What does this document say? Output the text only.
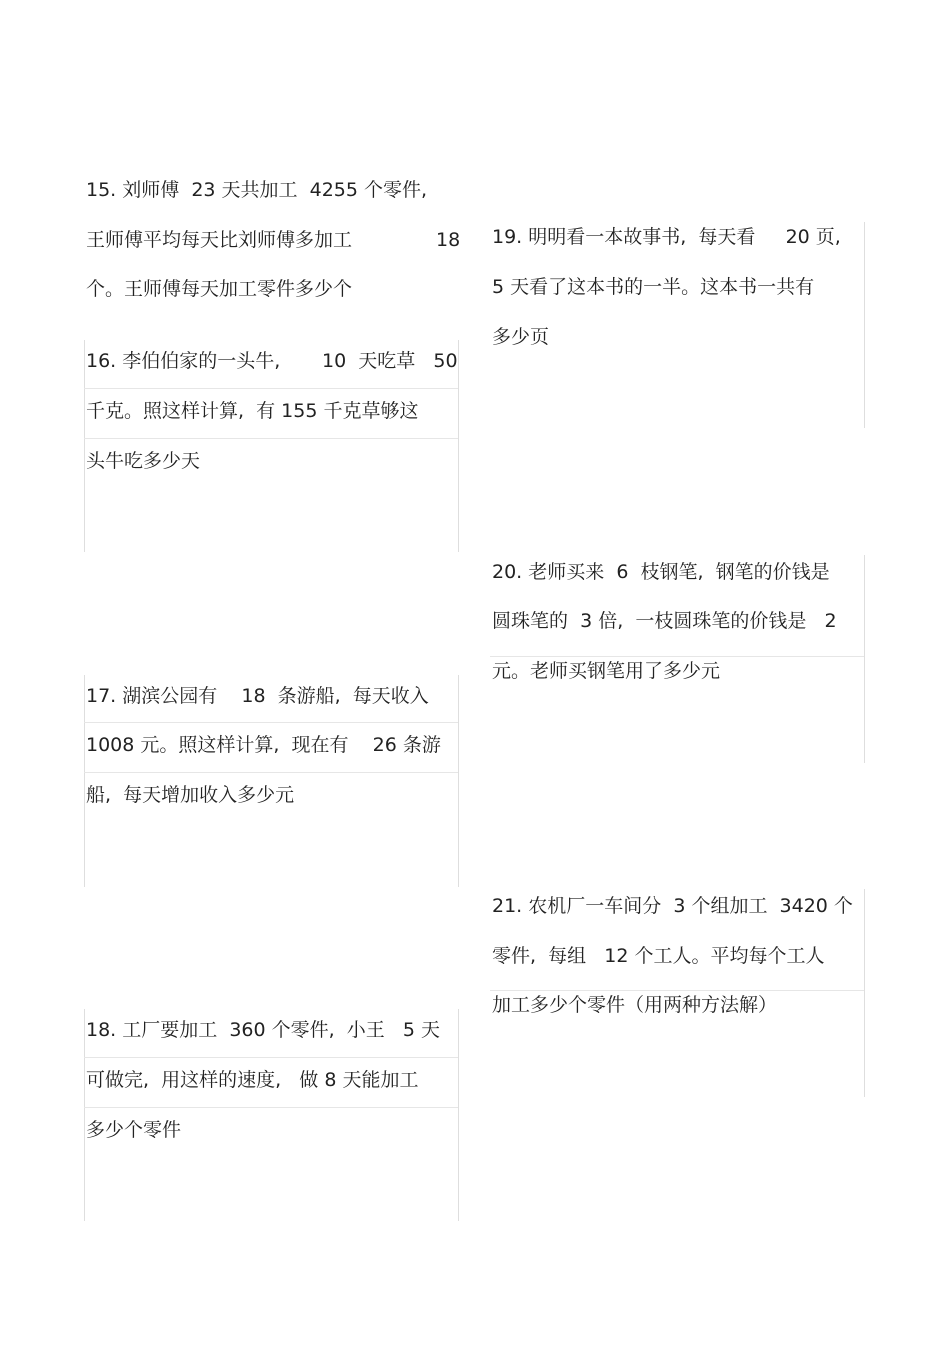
15. 刘师傅  23 天共加工  4255 个零件,
王师傅平均每天比刘师傅多加工	18
个。王师傅每天加工零件多少个
16. 李伯伯家的一头牛, 10  天吃草   50
千克。照这样计算,  有 155 千克草够这
头牛吃多少天
17. 湖滨公园有    18  条游船,  每天收入
1008 元。照这样计算,  现在有    26 条游
船,  每天增加收入多少元
18. 工厂要加工  360 个零件,  小王   5 天
可做完,  用这样的速度,   做 8 天能加工
多少个零件
19. 明明看一本故事书,  每天看     20 页,
5 天看了这本书的一半。这本书一共有
多少页
20. 老师买来  6  枝钢笔,  钢笔的价钱是
圆珠笔的  3 倍,  一枝圆珠笔的价钱是   2
元。老师买钢笔用了多少元
21. 农机厂一车间分  3 个组加工  3420 个
零件,  每组   12 个工人。平均每个工人
加工多少个零件（用两种方法解）
